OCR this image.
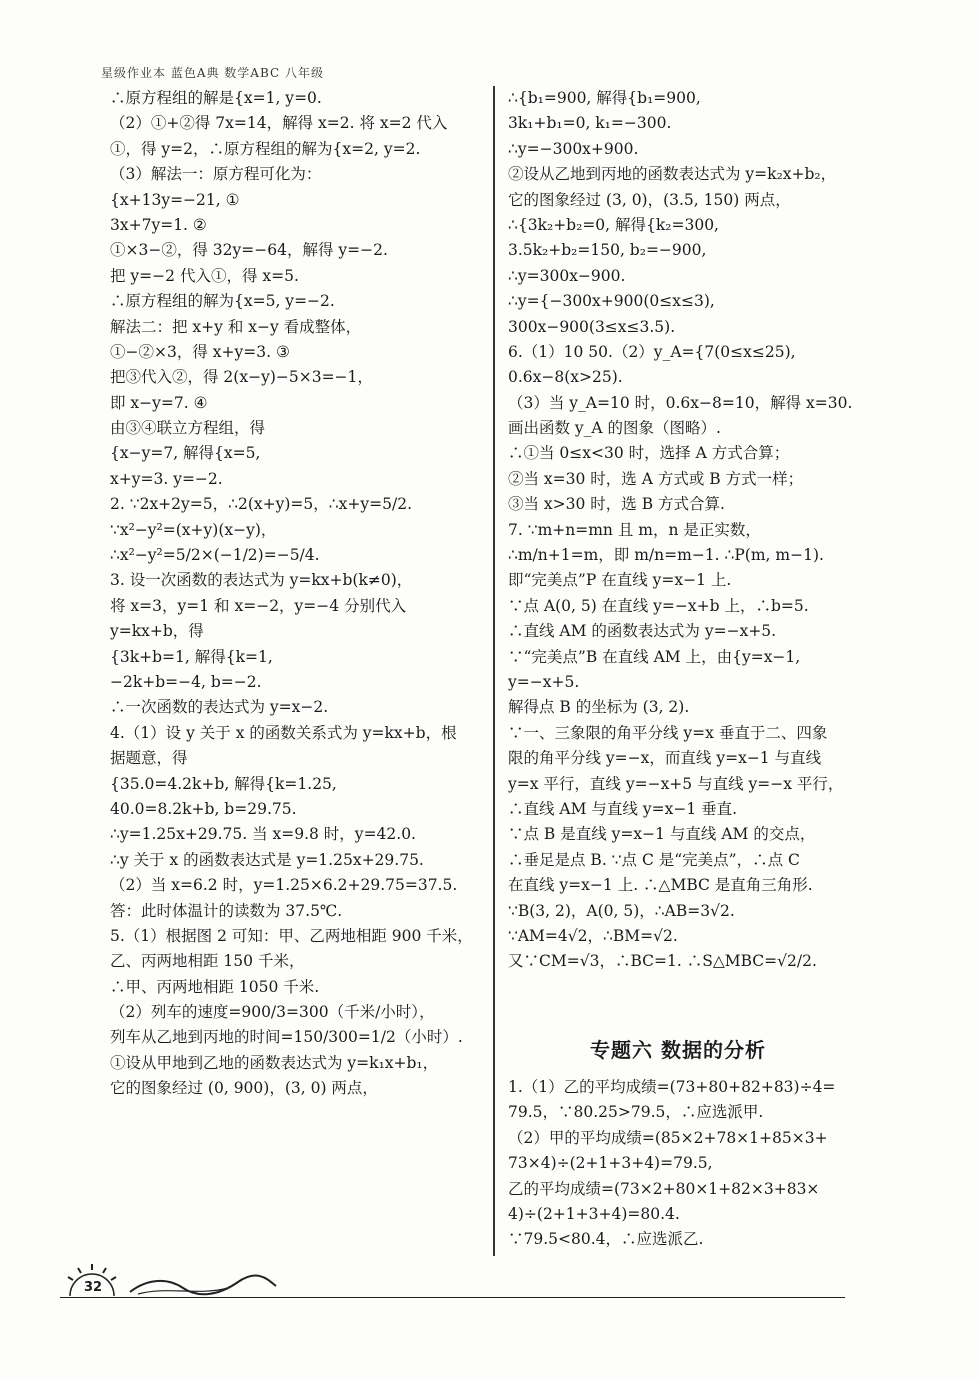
星级作业本 蓝色A典 数学ABC 八年级
∴原方程组的解是{x=1, y=0.
（2）①+②得 7x=14，解得 x=2. 将 x=2 代入
①，得 y=2，∴原方程组的解为{x=2, y=2.
（3）解法一：原方程可化为：
{x+13y=−21, ①
3x+7y=1. ②
①×3−②，得 32y=−64，解得 y=−2.
把 y=−2 代入①，得 x=5.
∴原方程组的解为{x=5, y=−2.
解法二：把 x+y 和 x−y 看成整体，
①−②×3，得 x+y=3. ③
把③代入②，得 2(x−y)−5×3=−1，
即 x−y=7. ④
由③④联立方程组，得
{x−y=7, 解得{x=5,
x+y=3. y=−2.
2. ∵2x+2y=5，∴2(x+y)=5，∴x+y=5/2.
∵x²−y²=(x+y)(x−y)，
∴x²−y²=5/2×(−1/2)=−5/4.
3. 设一次函数的表达式为 y=kx+b(k≠0)，
将 x=3，y=1 和 x=−2，y=−4 分别代入
y=kx+b，得
{3k+b=1, 解得{k=1,
−2k+b=−4, b=−2.
∴一次函数的表达式为 y=x−2.
4.（1）设 y 关于 x 的函数关系式为 y=kx+b，根
据题意，得
{35.0=4.2k+b, 解得{k=1.25,
40.0=8.2k+b, b=29.75.
∴y=1.25x+29.75. 当 x=9.8 时，y=42.0.
∴y 关于 x 的函数表达式是 y=1.25x+29.75.
（2）当 x=6.2 时，y=1.25×6.2+29.75=37.5.
答：此时体温计的读数为 37.5℃.
5.（1）根据图 2 可知：甲、乙两地相距 900 千米，
乙、丙两地相距 150 千米，
∴甲、丙两地相距 1050 千米.
（2）列车的速度=900/3=300（千米/小时），
列车从乙地到丙地的时间=150/300=1/2（小时）.
①设从甲地到乙地的函数表达式为 y=k₁x+b₁，
它的图象经过 (0, 900)，(3, 0) 两点，
∴{b₁=900, 解得{b₁=900,
3k₁+b₁=0, k₁=−300.
∴y=−300x+900.
②设从乙地到丙地的函数表达式为 y=k₂x+b₂，
它的图象经过 (3, 0)，(3.5, 150) 两点，
∴{3k₂+b₂=0, 解得{k₂=300,
3.5k₂+b₂=150, b₂=−900,
∴y=300x−900.
∴y={−300x+900(0≤x≤3),
300x−900(3≤x≤3.5).
6.（1）10 50.（2）y_A={7(0≤x≤25),
0.6x−8(x>25).
（3）当 y_A=10 时，0.6x−8=10，解得 x=30.
画出函数 y_A 的图象（图略）.
∴①当 0≤x<30 时，选择 A 方式合算；
②当 x=30 时，选 A 方式或 B 方式一样；
③当 x>30 时，选 B 方式合算.
7. ∵m+n=mn 且 m，n 是正实数，
∴m/n+1=m，即 m/n=m−1. ∴P(m, m−1).
即“完美点”P 在直线 y=x−1 上.
∵点 A(0, 5) 在直线 y=−x+b 上，∴b=5.
∴直线 AM 的函数表达式为 y=−x+5.
∵“完美点”B 在直线 AM 上，由{y=x−1,
y=−x+5.
解得点 B 的坐标为 (3, 2).
∵一、三象限的角平分线 y=x 垂直于二、四象
限的角平分线 y=−x，而直线 y=x−1 与直线
y=x 平行，直线 y=−x+5 与直线 y=−x 平行，
∴直线 AM 与直线 y=x−1 垂直.
∵点 B 是直线 y=x−1 与直线 AM 的交点，
∴垂足是点 B. ∵点 C 是“完美点”，∴点 C
在直线 y=x−1 上. ∴△MBC 是直角三角形.
∵B(3, 2)，A(0, 5)，∴AB=3√2.
∵AM=4√2，∴BM=√2.
又∵CM=√3，∴BC=1. ∴S△MBC=√2/2.
专题六 数据的分析
1.（1）乙的平均成绩=(73+80+82+83)÷4=
79.5，∵80.25>79.5，∴应选派甲.
（2）甲的平均成绩=(85×2+78×1+85×3+
73×4)÷(2+1+3+4)=79.5,
乙的平均成绩=(73×2+80×1+82×3+83×
4)÷(2+1+3+4)=80.4.
∵79.5<80.4，∴应选派乙.
32
